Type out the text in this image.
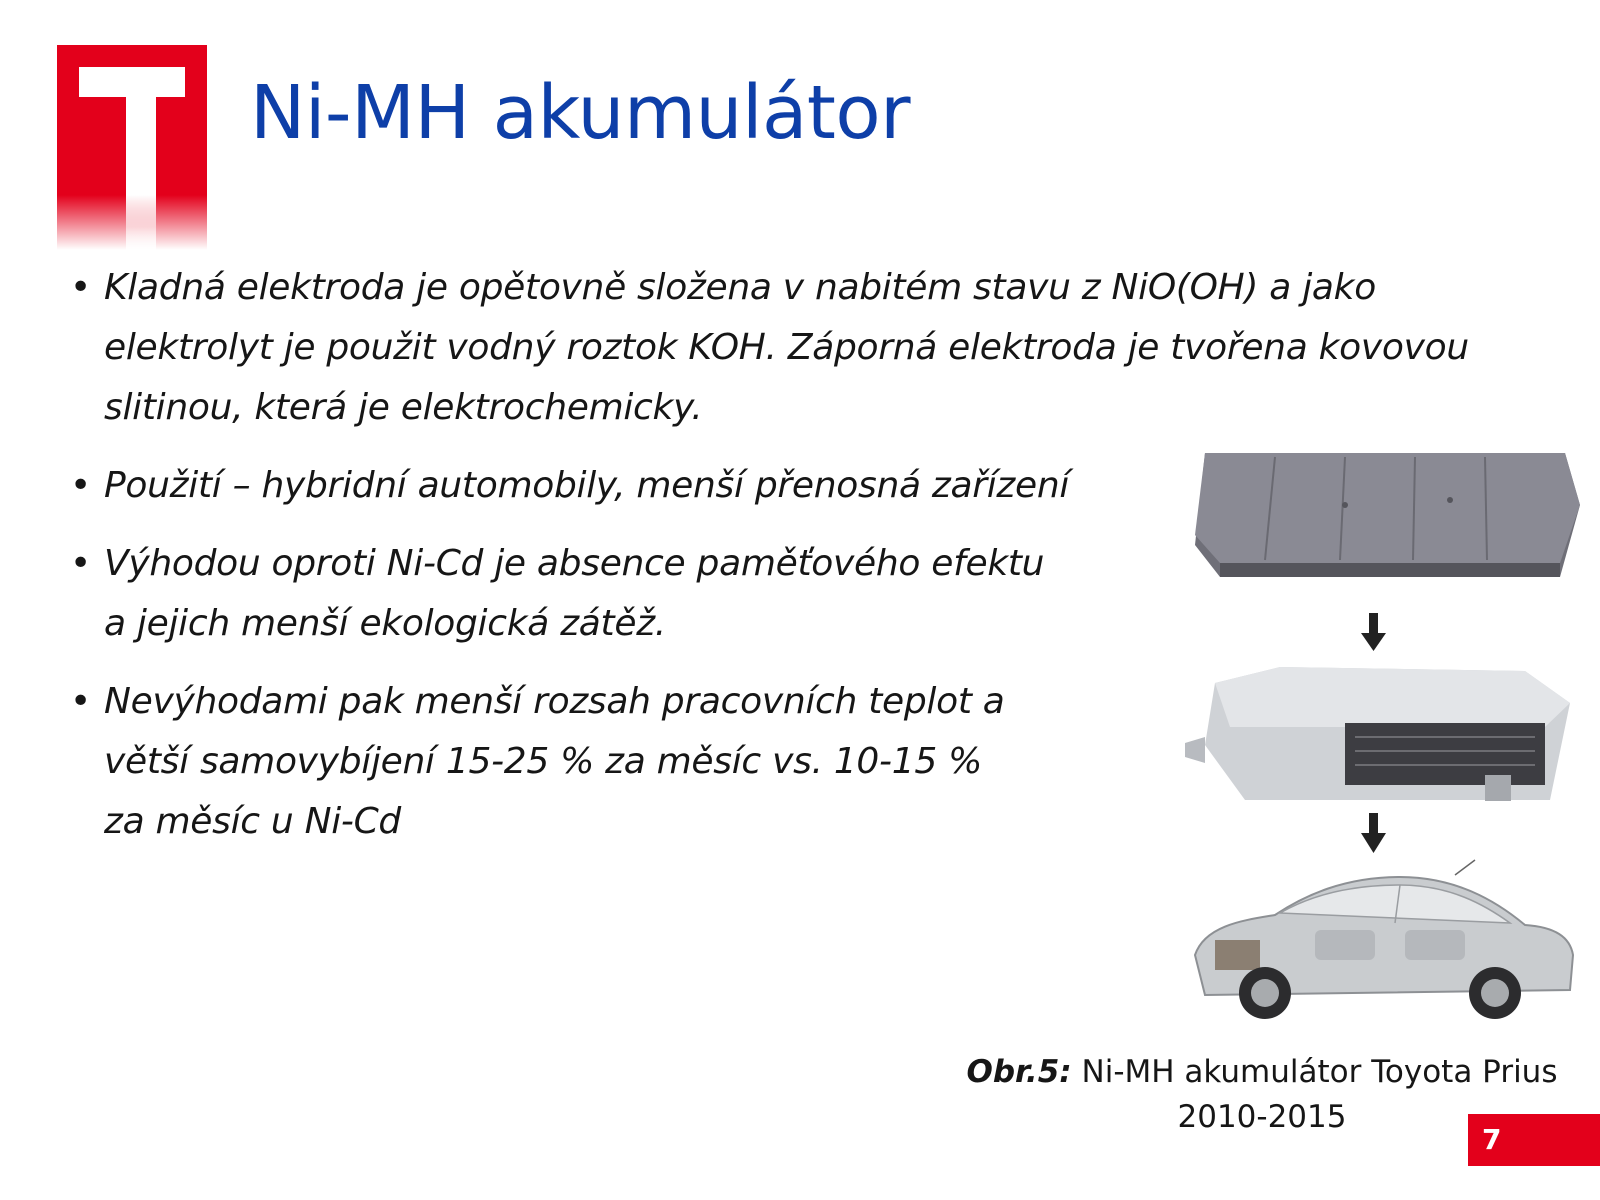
Ni-MH akumulátor
• Kladná elektroda je opětovně složena v nabitém stavu z NiO(OH) a jako elektrolyt je použit vodný roztok KOH. Záporná elektroda je tvořena kovovou slitinou, která je elektrochemicky.
• Použití – hybridní automobily, menší přenosná zařízení
• Výhodou oproti Ni-Cd je absence paměťového efektu a jejich menší ekologická zátěž.
• Nevýhodami pak menší rozsah pracovních teplot a větší samovybíjení 15-25 % za měsíc vs. 10-15 % za měsíc u Ni-Cd
Obr.5: Ni-MH akumulátor Toyota Prius
2010-2015
7
